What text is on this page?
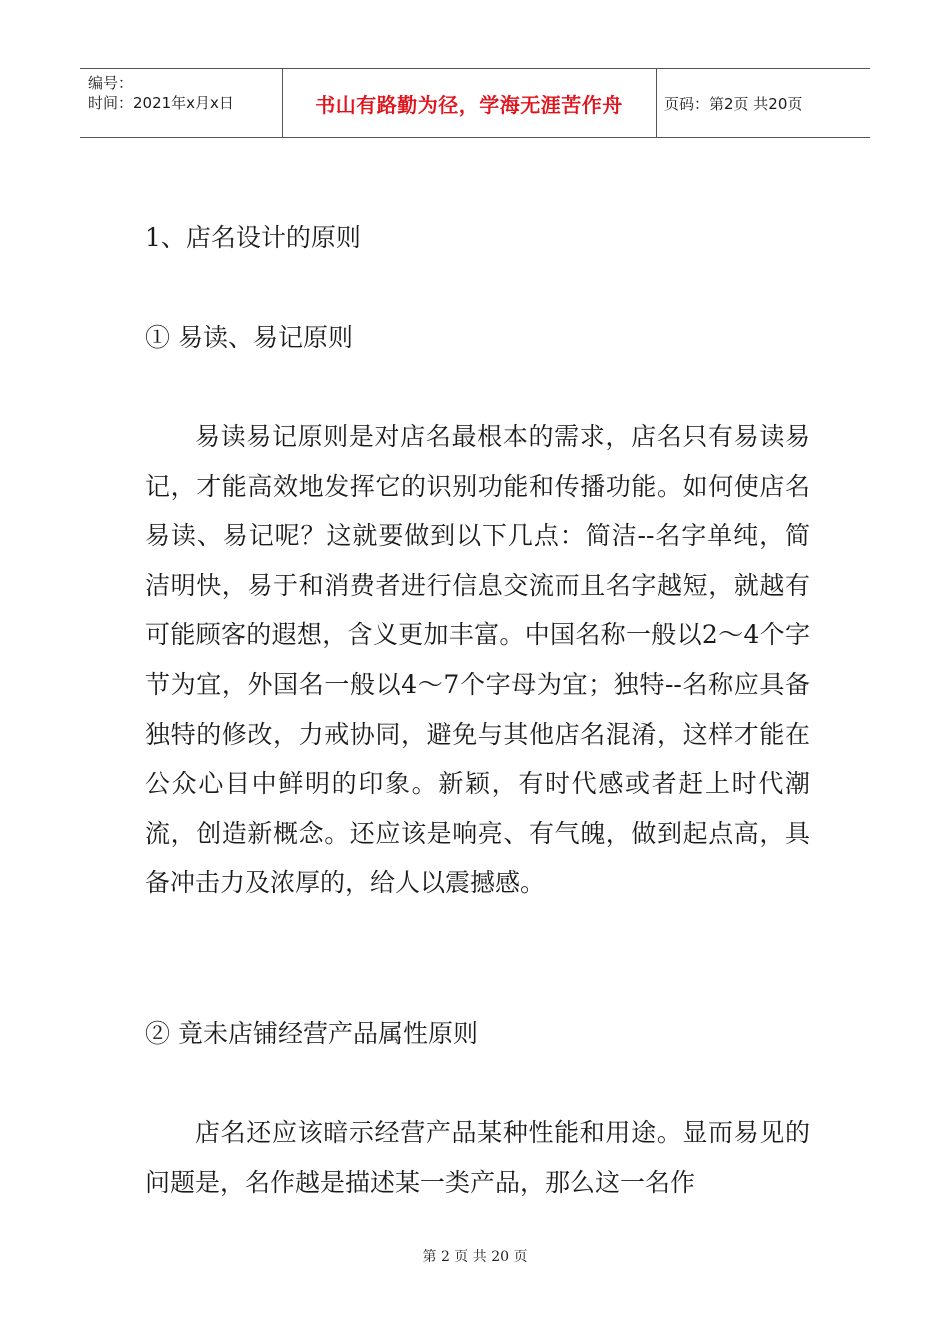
编号：
时间：2021年x月x日	书山有路勤为径，学海无涯苦作舟	页码：第2页 共20页

1、店名设计的原则

① 易读、易记原则

易读易记原则是对店名最根本的需求，店名只有易读易记，才能高效地发挥它的识别功能和传播功能。如何使店名易读、易记呢？这就要做到以下几点：简洁--名字单纯，简洁明快，易于和消费者进行信息交流而且名字越短，就越有可能顾客的遐想，含义更加丰富。中国名称一般以2～4个字节为宜，外国名一般以4～7个字母为宜；独特--名称应具备独特的修改，力戒协同，避免与其他店名混淆，这样才能在公众心目中鲜明的印象。新颖，有时代感或者赶上时代潮流，创造新概念。还应该是响亮、有气魄，做到起点高，具备冲击力及浓厚的，给人以震撼感。

② 竟未店铺经营产品属性原则

店名还应该暗示经营产品某种性能和用途。显而易见的问题是，名作越是描述某一类产品，那么这一名作

第 2 页 共 20 页
